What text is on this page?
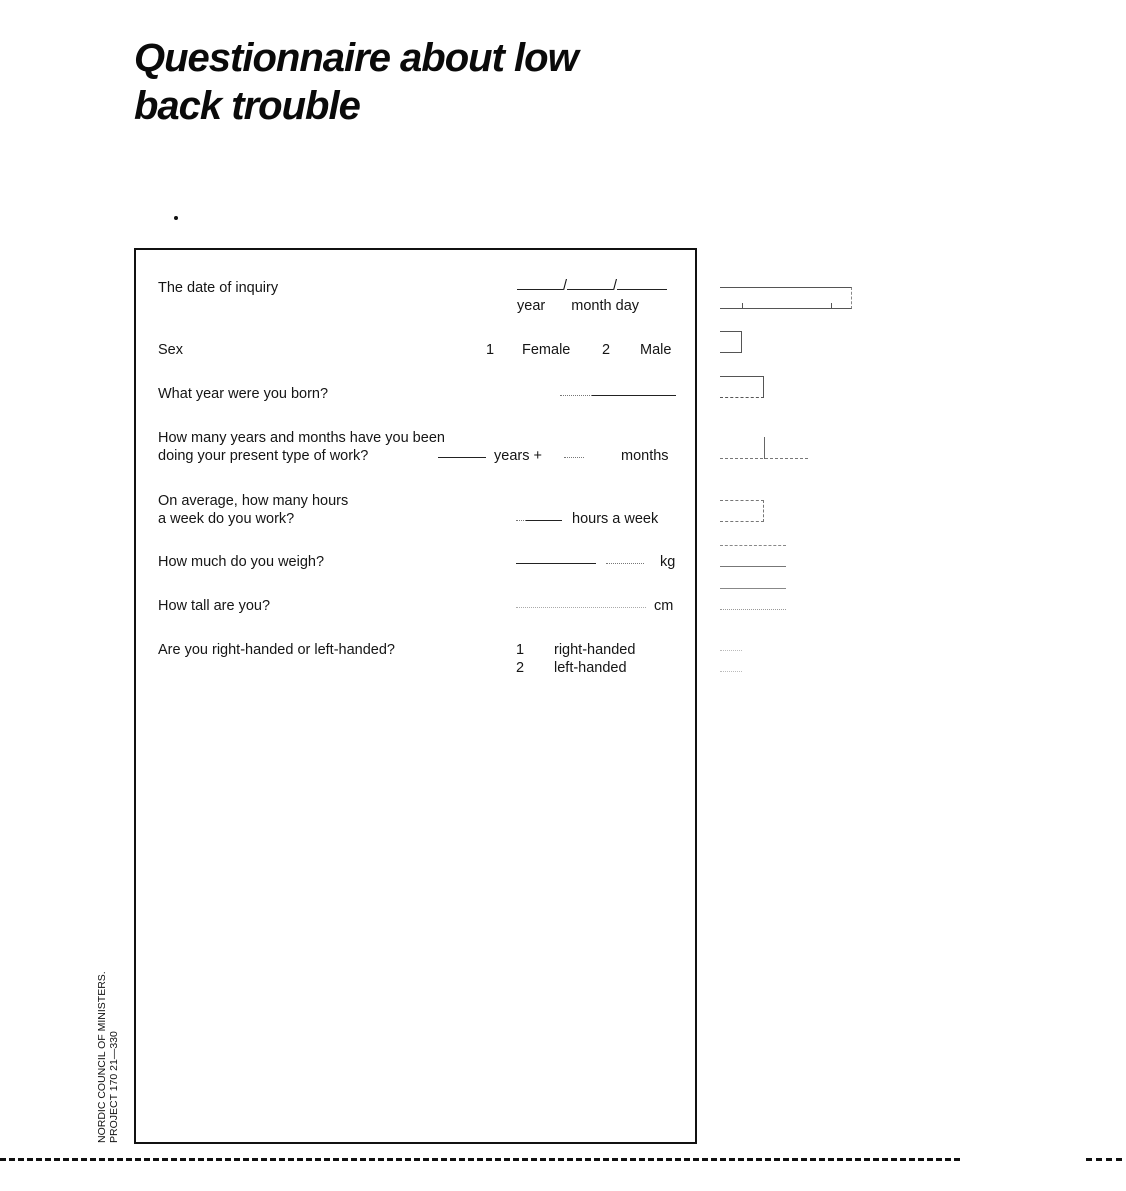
Questionnaire about low
back trouble
The date of inquiry	/	/
year month day
Sex	1 Female 2 Male
What year were you born?
How many years and months have you been
doing your present type of work?	years +	months
On average, how many hours
a week do you work?	hours a week
How much do you weigh?	kg
How tall are you?	cm
Are you right-handed or left-handed?	1 right-handed
2 left-handed
NORDIC COUNCIL OF MINISTERS. PROJECT 170 21—330
